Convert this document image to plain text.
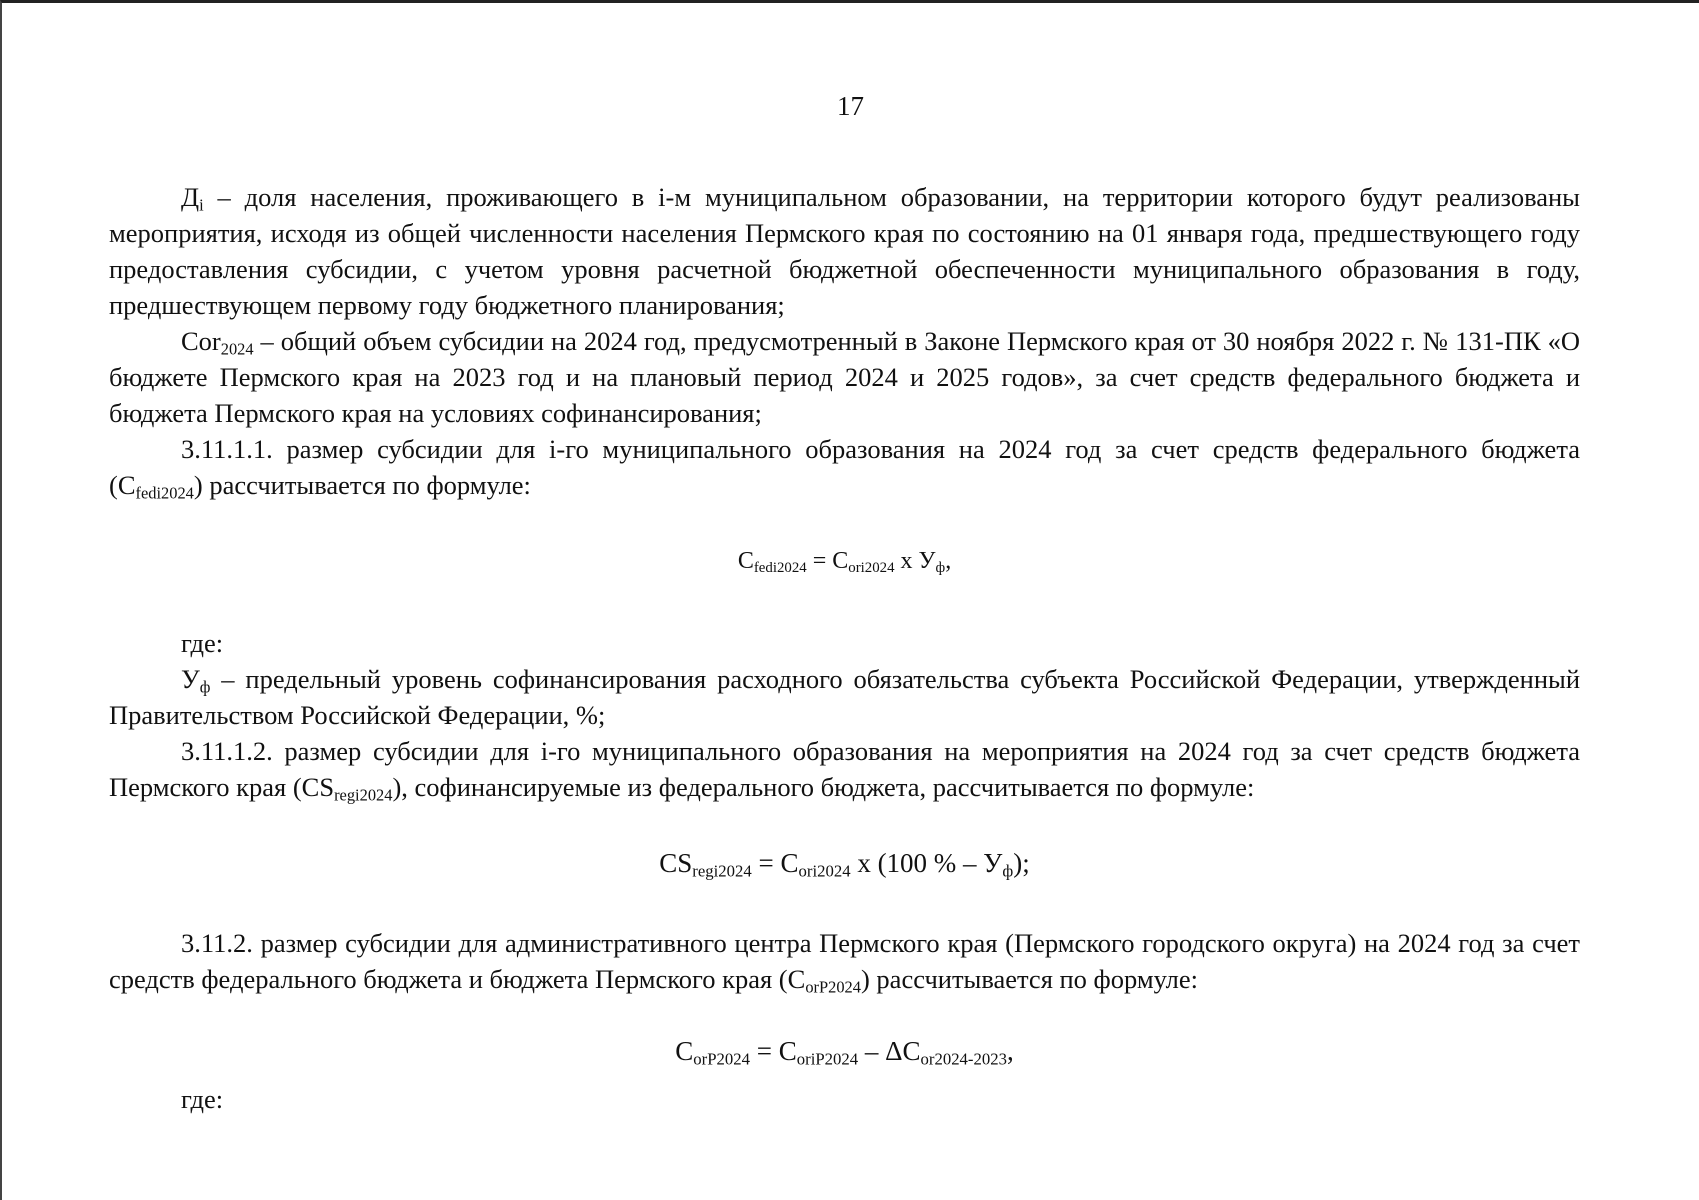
17

$Д_i$ – доля населения, проживающего в i-м муниципальном образовании, на территории которого будут реализованы мероприятия, исходя из общей численности населения Пермского края по состоянию на 01 января года, предшествующего году предоставления субсидии, с учетом уровня расчетной бюджетной обеспеченности муниципального образования в году, предшествующем первому году бюджетного планирования;

Сor$_{2024}$ – общий объем субсидии на 2024 год, предусмотренный в Законе Пермского края от 30 ноября 2022 г. № 131-ПК «О бюджете Пермского края на 2023 год и на плановый период 2024 и 2025 годов», за счет средств федерального бюджета и бюджета Пермского края на условиях софинансирования;

3.11.1.1. размер субсидии для i-го муниципального образования на 2024 год за счет средств федерального бюджета $(С_{fedi2024})$ рассчитывается по формуле:

$С_{fedi2024} = С_{ori2024}$ х $У_ф$,

где:

$У_ф$ – предельный уровень софинансирования расходного обязательства субъекта Российской Федерации, утвержденный Правительством Российской Федерации, %;

3.11.1.2. размер субсидии для i-го муниципального образования на мероприятия на 2024 год за счет средств бюджета Пермского края $(СS_{regi2024})$, софинансируемые из федерального бюджета, рассчитывается по формуле:

$СS_{regi2024} = С_{ori2024}$ х (100 % – $У_ф$);

3.11.2. размер субсидии для административного центра Пермского края (Пермского городского округа) на 2024 год за счет средств федерального бюджета и бюджета Пермского края $(С_{orP2024})$ рассчитывается по формуле:

$С_{orP2024} = С_{oriP2024} - \Delta С_{or2024-2023}$,

где:
